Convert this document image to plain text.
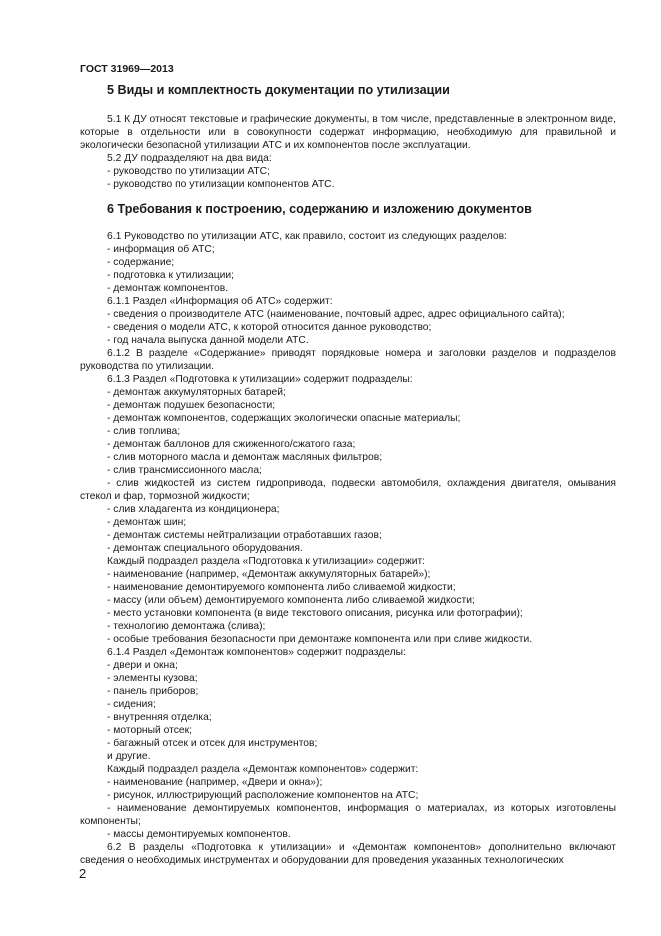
ГОСТ 31969—2013
5 Виды и комплектность документации по утилизации
5.1 К ДУ относят текстовые и графические документы, в том числе, представленные в электронном виде, которые в отдельности или в совокупности содержат информацию, необходимую для правильной и экологически безопасной утилизации АТС и их компонентов после эксплуатации.
5.2 ДУ подразделяют на два вида:
- руководство по утилизации АТС;
- руководство по утилизации компонентов АТС.
6 Требования к построению, содержанию и изложению документов
6.1 Руководство по утилизации АТС, как правило, состоит из следующих разделов:
- информация об АТС;
- содержание;
- подготовка к утилизации;
- демонтаж компонентов.
6.1.1 Раздел «Информация об АТС» содержит:
- сведения о производителе АТС (наименование, почтовый адрес, адрес официального сайта);
- сведения о модели АТС, к которой относится данное руководство;
- год начала выпуска данной модели АТС.
6.1.2 В разделе «Содержание» приводят порядковые номера и заголовки разделов и подразделов руководства по утилизации.
6.1.3 Раздел «Подготовка к утилизации» содержит подразделы:
- демонтаж аккумуляторных батарей;
- демонтаж подушек безопасности;
- демонтаж компонентов, содержащих экологически опасные материалы;
- слив топлива;
- демонтаж баллонов для сжиженного/сжатого газа;
- слив моторного масла и демонтаж масляных фильтров;
- слив трансмиссионного масла;
- слив жидкостей из систем гидропривода, подвески автомобиля, охлаждения двигателя, омывания стекол и фар, тормозной жидкости;
- слив хладагента из кондиционера;
- демонтаж шин;
- демонтаж системы нейтрализации отработавших газов;
- демонтаж специального оборудования.
Каждый подраздел раздела «Подготовка к утилизации» содержит:
- наименование (например, «Демонтаж аккумуляторных батарей»);
- наименование демонтируемого компонента либо сливаемой жидкости;
- массу (или объем) демонтируемого компонента либо сливаемой жидкости;
- место установки компонента (в виде текстового описания, рисунка или фотографии);
- технологию демонтажа (слива);
- особые требования безопасности при демонтаже компонента или при сливе жидкости.
6.1.4 Раздел «Демонтаж компонентов» содержит подразделы:
- двери и окна;
- элементы кузова;
- панель приборов;
- сидения;
- внутренняя отделка;
- моторный отсек;
- багажный отсек и отсек для инструментов;
и другие.
Каждый подраздел раздела «Демонтаж компонентов» содержит:
- наименование (например, «Двери и окна»);
- рисунок, иллюстрирующий расположение компонентов на АТС;
- наименование демонтируемых компонентов, информация о материалах, из которых изготовлены компоненты;
- массы демонтируемых компонентов.
6.2 В разделы «Подготовка к утилизации» и «Демонтаж компонентов» дополнительно включают сведения о необходимых инструментах и оборудовании для проведения указанных технологических
2
